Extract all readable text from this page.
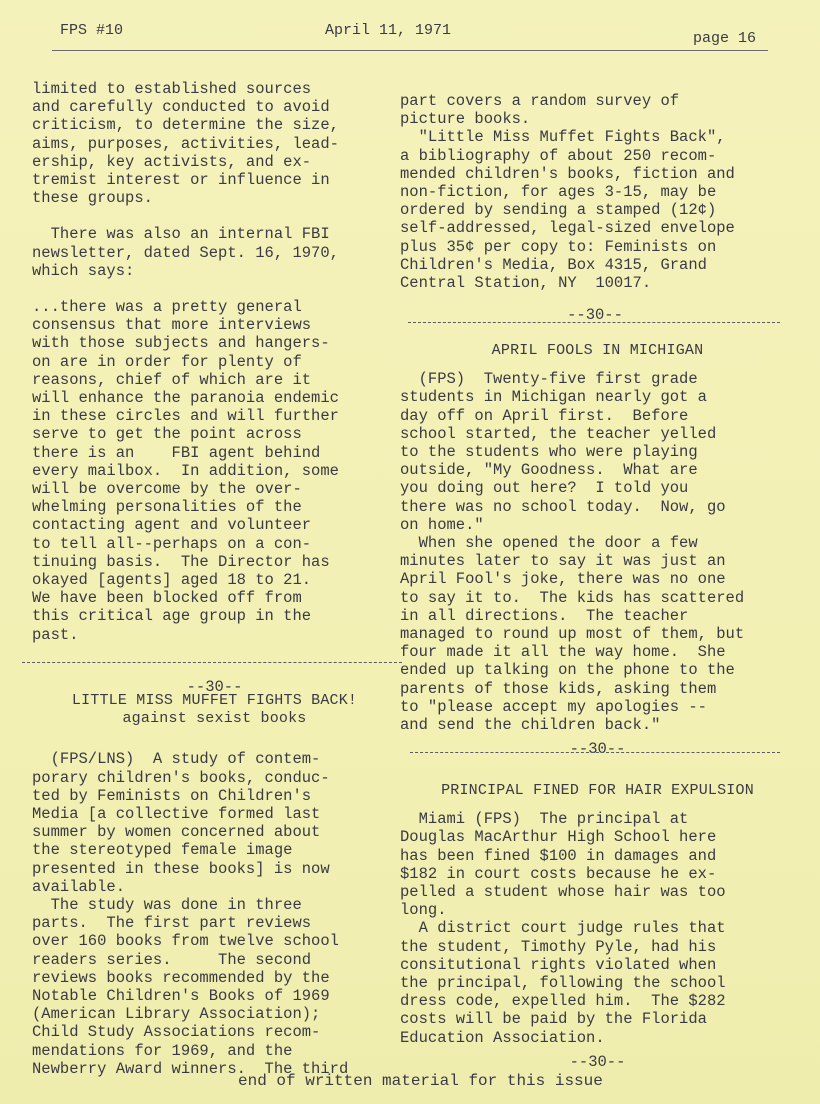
FPS #10	April 11, 1971	page 16

limited to established sources

and carefully conducted to avoid

criticism, to determine the size,

aims, purposes, activities, lead-

ership, key activists, and ex-

tremist interest or influence in

these groups.

There was also an internal FBI

newsletter, dated Sept. 16, 1970,

which says:

...there was a pretty general

consensus that more interviews

with those subjects and hangers-

on are in order for plenty of

reasons, chief of which are it

will enhance the paranoia endemic

in these circles and will further

serve to get the point across

there is an    FBI agent behind

every mailbox.  In addition, some

will be overcome by the over-

whelming personalities of the

contacting agent and volunteer

to tell all--perhaps on a con-

tinuing basis.  The Director has

okayed [agents] aged 18 to 21.

We have been blocked off from

this critical age group in the

past.

--30--

LITTLE MISS MUFFET FIGHTS BACK!

against sexist books

(FPS/LNS)  A study of contem-

porary children's books, conduc-

ted by Feminists on Children's

Media [a collective formed last

summer by women concerned about

the stereotyped female image

presented in these books] is now

available.

The study was done in three

parts.  The first part reviews

over 160 books from twelve school

readers series.     The second

reviews books recommended by the

Notable Children's Books of 1969

(American Library Association);

Child Study Associations recom-

mendations for 1969, and the

Newberry Award winners.  The third

part covers a random survey of

picture books.

"Little Miss Muffet Fights Back",

a bibliography of about 250 recom-

mended children's books, fiction and

non-fiction, for ages 3-15, may be

ordered by sending a stamped (12¢)

self-addressed, legal-sized envelope

plus 35¢ per copy to: Feminists on

Children's Media, Box 4315, Grand

Central Station, NY  10017.

--30--

APRIL FOOLS IN MICHIGAN

(FPS)  Twenty-five first grade

students in Michigan nearly got a

day off on April first.  Before

school started, the teacher yelled

to the students who were playing

outside, "My Goodness.  What are

you doing out here?  I told you

there was no school today.  Now, go

on home."

When she opened the door a few

minutes later to say it was just an

April Fool's joke, there was no one

to say it to.  The kids has scattered

in all directions.  The teacher

managed to round up most of them, but

four made it all the way home.  She

ended up talking on the phone to the

parents of those kids, asking them

to "please accept my apologies --

and send the children back."

--30--

PRINCIPAL FINED FOR HAIR EXPULSION

Miami (FPS)  The principal at

Douglas MacArthur High School here

has been fined $100 in damages and

$182 in court costs because he ex-

pelled a student whose hair was too

long.

A district court judge rules that

the student, Timothy Pyle, had his

consitutional rights violated when

the principal, following the school

dress code, expelled him.  The $282

costs will be paid by the Florida

Education Association.

--30--

end of written material for this issue
